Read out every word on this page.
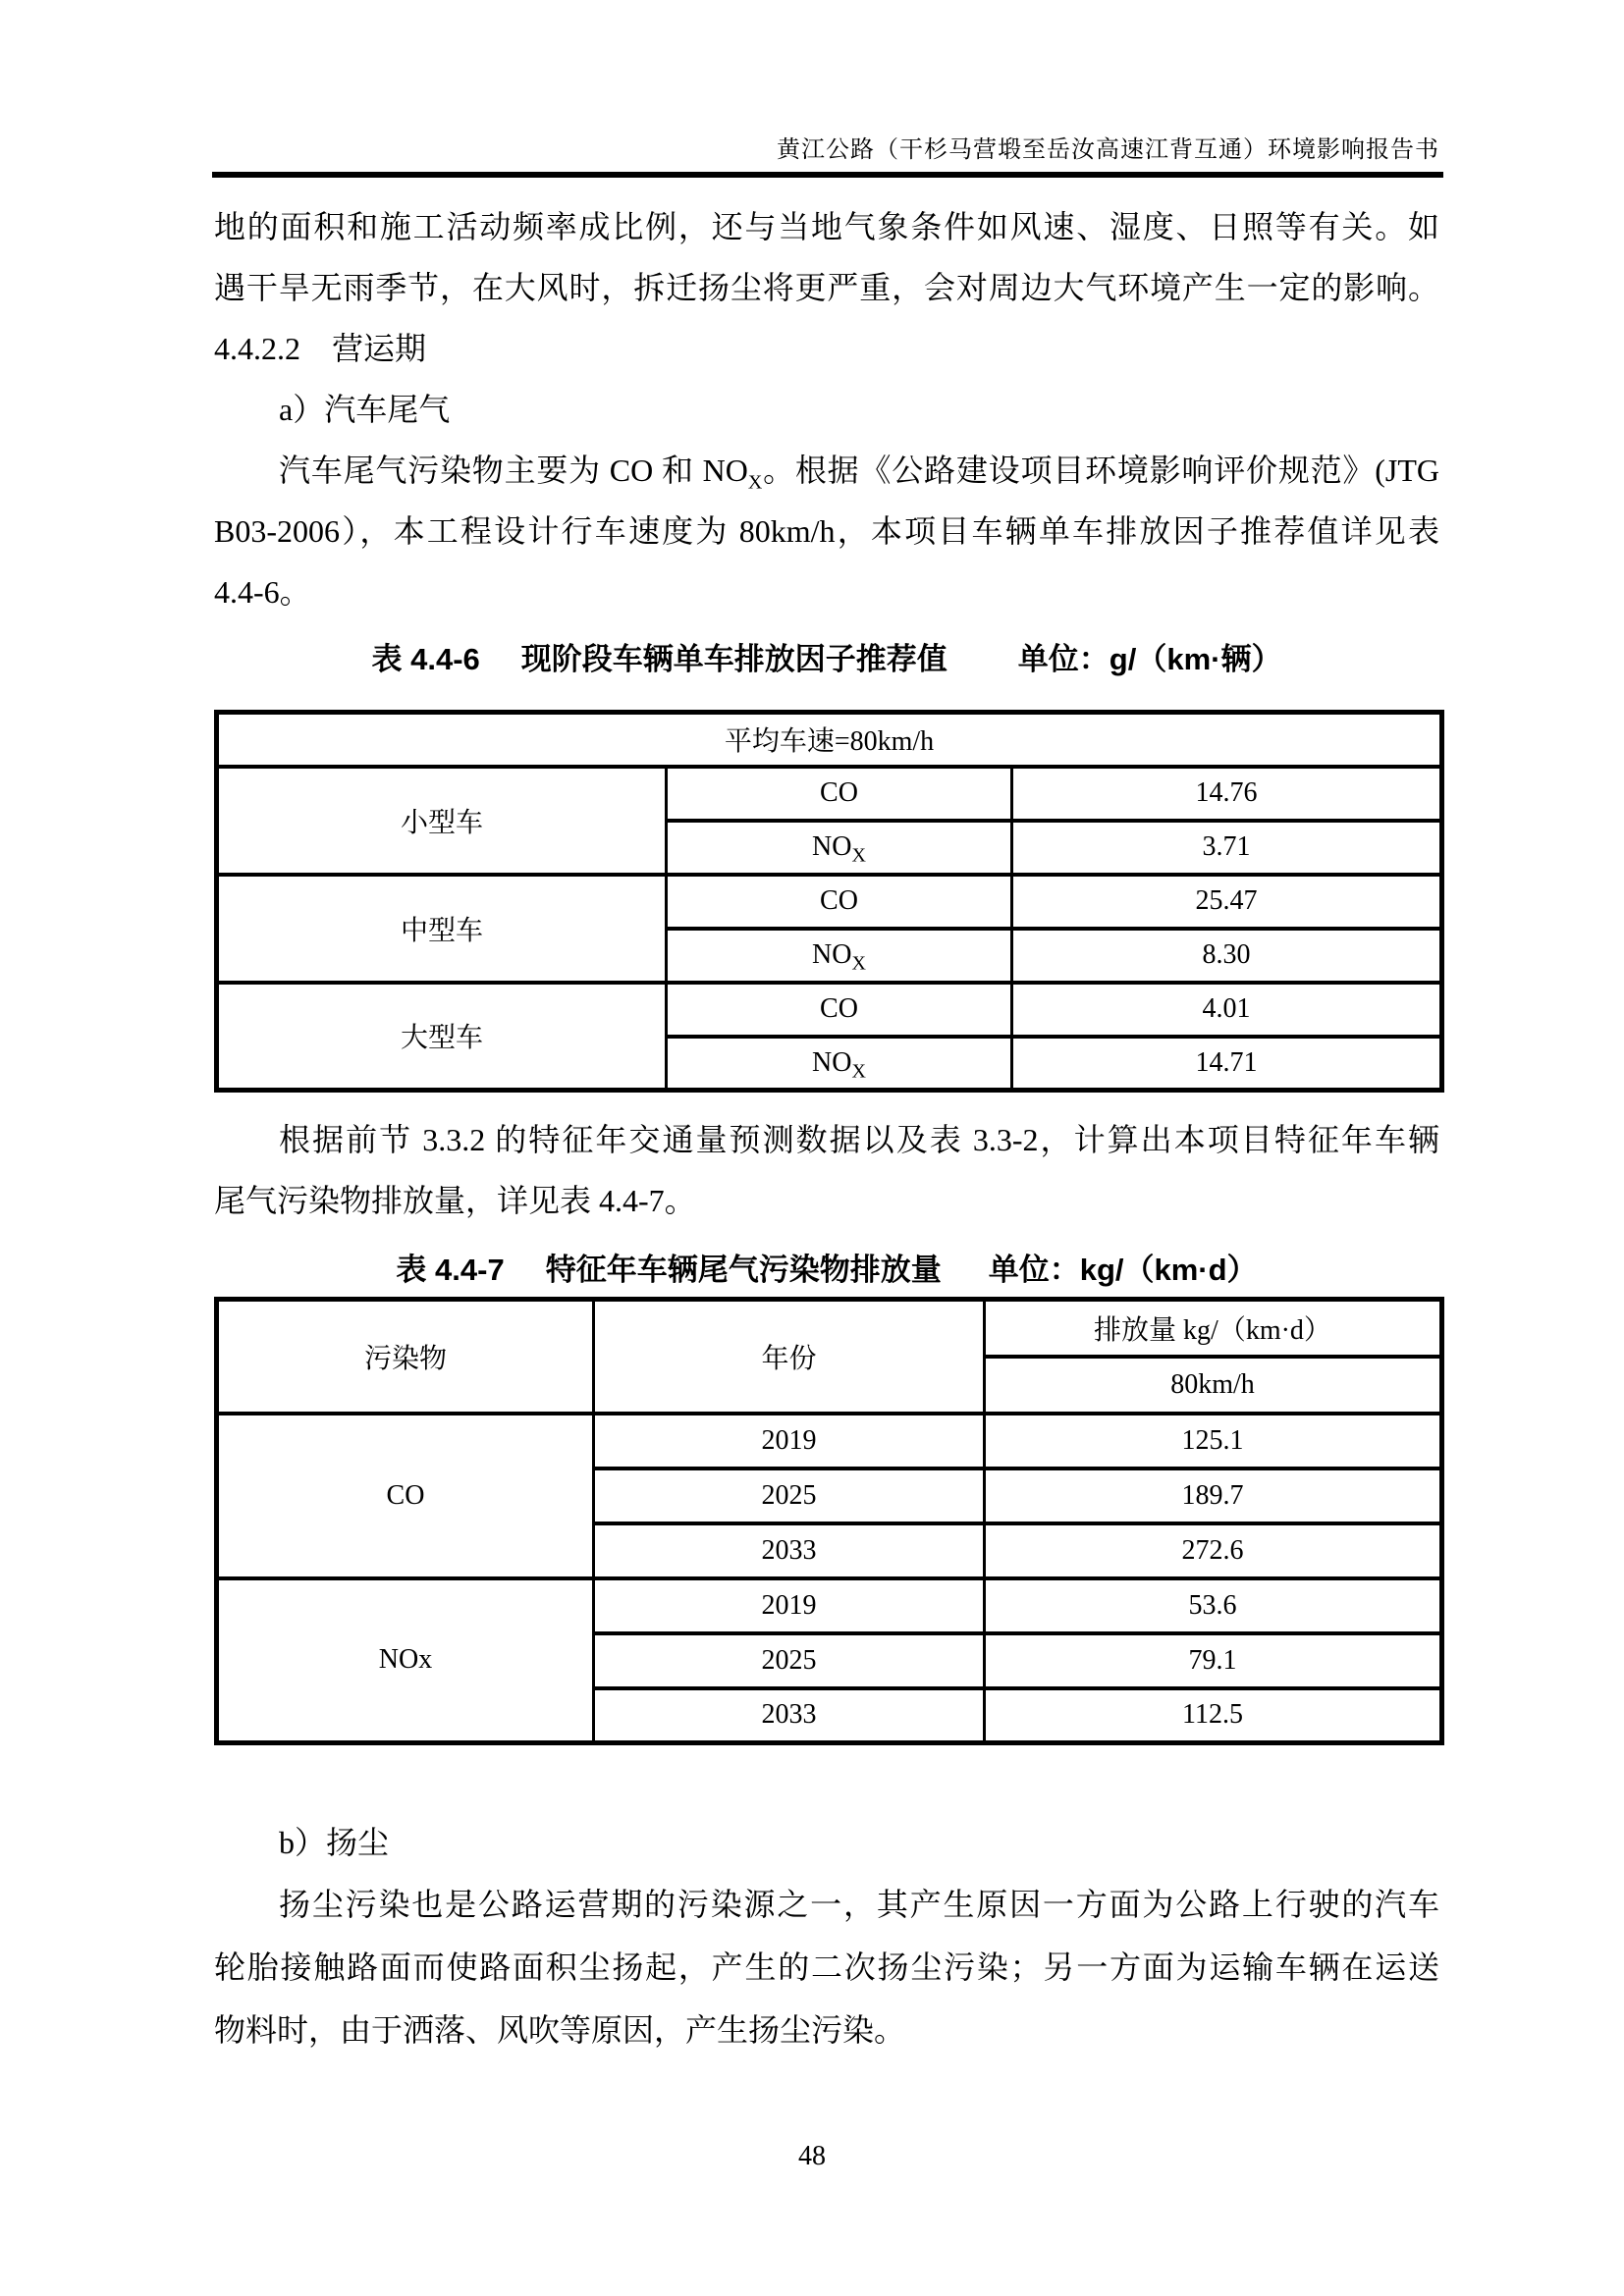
黄江公路（干杉马营塅至岳汝高速江背互通）环境影响报告书
地的面积和施工活动频率成比例，还与当地气象条件如风速、湿度、日照等有关。如
遇干旱无雨季节，在大风时，拆迁扬尘将更严重，会对周边大气环境产生一定的影响。
4.4.2.2　营运期
a）汽车尾气
汽车尾气污染物主要为 CO 和 $NO_X$。根据《公路建设项目环境影响评价规范》(JTG
B03-2006），本工程设计行车速度为 80km/h，本项目车辆单车排放因子推荐值详见表
4.4-6。
表 4.4-6 现阶段车辆单车排放因子推荐值 单位：g/（km·辆）
平均车速=80km/h		
小型车	CO	14.76
	$NO_X$	3.71
中型车	CO	25.47
	$NO_X$	8.30
大型车	CO	4.01
	$NO_X$	14.71
根据前节 3.3.2 的特征年交通量预测数据以及表 3.3-2，计算出本项目特征年车辆
尾气污染物排放量，详见表 4.4-7。
表 4.4-7 特征年车辆尾气污染物排放量 单位：kg/（km·d）
污染物	年份	排放量 kg/（km·d）
		80km/h
CO	2019	125.1
	2025	189.7
	2033	272.6
NOx	2019	53.6
	2025	79.1
	2033	112.5
b）扬尘
扬尘污染也是公路运营期的污染源之一，其产生原因一方面为公路上行驶的汽车
轮胎接触路面而使路面积尘扬起，产生的二次扬尘污染；另一方面为运输车辆在运送
物料时，由于洒落、风吹等原因，产生扬尘污染。
48
